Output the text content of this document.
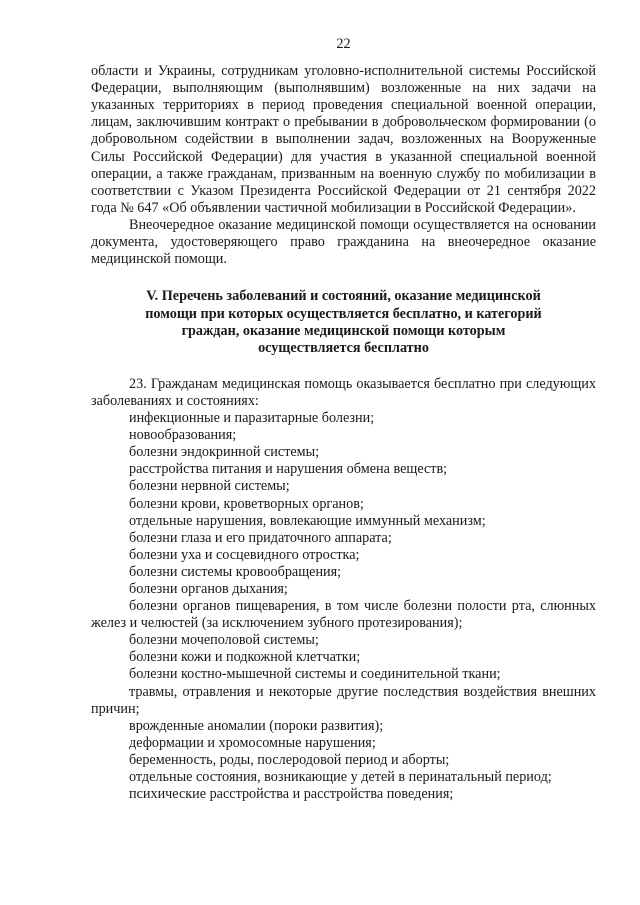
22

области и Украины, сотрудникам уголовно-исполнительной системы Российской Федерации, выполняющим (выполнявшим) возложенные на них задачи на указанных территориях в период проведения специальной военной операции, лицам, заключившим контракт о пребывании в добровольческом формировании (о добровольном содействии в выполнении задач, возложенных на Вооруженные Силы Российской Федерации) для участия в указанной специальной военной операции, а также гражданам, призванным на военную службу по мобилизации в соответствии с Указом Президента Российской Федерации от 21 сентября 2022 года № 647 «Об объявлении частичной мобилизации в Российской Федерации».

Внеочередное оказание медицинской помощи осуществляется на основании документа, удостоверяющего право гражданина на внеочередное оказание медицинской помощи.

V. Перечень заболеваний и состояний, оказание медицинской
помощи при которых осуществляется бесплатно, и категорий
граждан, оказание медицинской помощи которым
осуществляется бесплатно

23. Гражданам медицинская помощь оказывается бесплатно при следующих заболеваниях и состояниях:

инфекционные и паразитарные болезни;
новообразования;
болезни эндокринной системы;
расстройства питания и нарушения обмена веществ;
болезни нервной системы;
болезни крови, кроветворных органов;
отдельные нарушения, вовлекающие иммунный механизм;
болезни глаза и его придаточного аппарата;
болезни уха и сосцевидного отростка;
болезни системы кровообращения;
болезни органов дыхания;
болезни органов пищеварения, в том числе болезни полости рта, слюнных желез и челюстей (за исключением зубного протезирования);
болезни мочеполовой системы;
болезни кожи и подкожной клетчатки;
болезни костно-мышечной системы и соединительной ткани;
травмы, отравления и некоторые другие последствия воздействия внешних причин;
врожденные аномалии (пороки развития);
деформации и хромосомные нарушения;
беременность, роды, послеродовой период и аборты;
отдельные состояния, возникающие у детей в перинатальный период;
психические расстройства и расстройства поведения;
